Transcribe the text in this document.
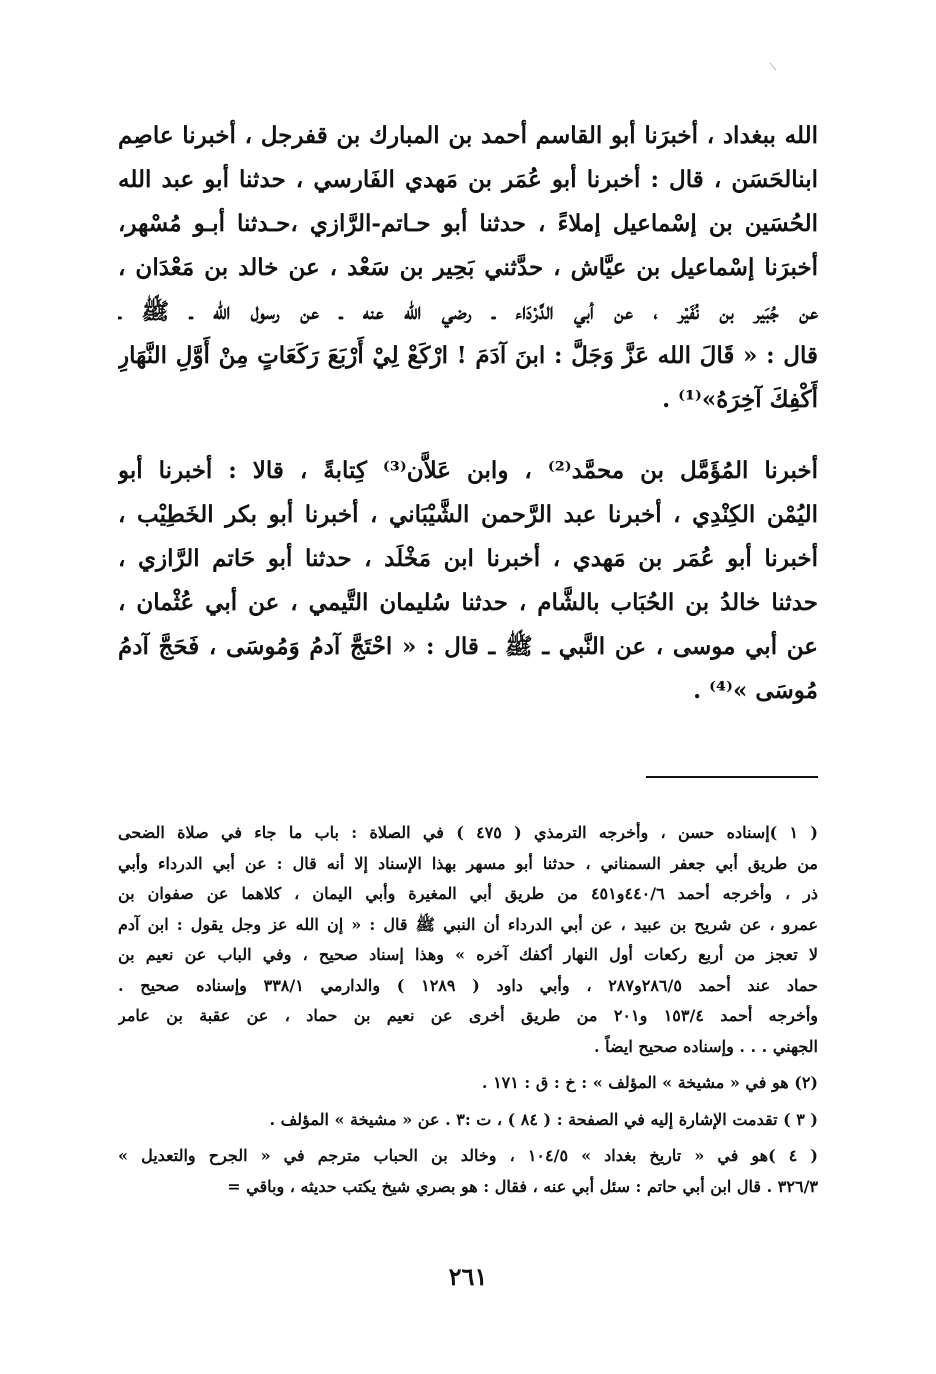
الله ببغداد ، أخبرَنا أبو القاسم أحمد بن المبارك بن قفرجل ، أخبرنا عاصِم
ابنالحَسَن ، قال : أخبرنا أبو عُمَر بن مَهدي الفَارسي ، حدثنا أبو عبد الله
الحُسَين بن إسْماعيل إملاءً ، حدثنا أبو حـاتم-الرَّازي ،حـدثنا أبـو مُسْهر،
أخبرَنا إسْماعيل بن عيَّاش ، حدَّثني بَحِير بن سَعْد ، عن خالد بن مَعْدَان ،
عن جُبَير بن نُفَيْر ، عن أبي الدَّرْدَاء ـ رضي الله عنه ـ عن رسول الله ـ ﷺ ـ
قال : « قَالَ الله عَزَّ وَجَلَّ : ابنَ آدَمَ ! ارْكَعْ لِيْ أَرْبَعَ رَكَعَاتٍ مِنْ أَوَّلِ النَّهَارِ
أَكْفِكَ آخِرَهُ»⁽¹⁾ .
أخبرنا المُؤَمَّل بن محمَّد⁽²⁾ ، وابن عَلاَّن⁽³⁾ كِتابةً ، قالا : أخبرنا أبو
اليُمْن الكِنْدِي ، أخبرنا عبد الرَّحمن الشَّيْبَاني ، أخبرنا أبو بكر الخَطِيْب ،
أخبرنا أبو عُمَر بن مَهدي ، أخبرنا ابن مَخْلَد ، حدثنا أبو حَاتم الرَّازي ،
حدثنا خالدُ بن الحُبَاب بالشَّام ، حدثنا سُليمان التَّيمي ، عن أبي عُثْمان ،
عن أبي موسى ، عن النَّبي ـ ﷺ ـ قال : « احْتَجَّ آدمُ وَمُوسَى ، فَحَجَّ آدمُ
مُوسَى »⁽⁴⁾ .
( ١ )إسناده حسن ، وأخرجه الترمذي ( ٤٧٥ ) في الصلاة : باب ما جاء في صلاة الضحى
من طريق أبي جعفر السمناني ، حدثنا أبو مسهر بهذا الإسناد إلا أنه قال : عن أبي الدرداء وأبي
ذر ، وأخرجه أحمد ٤٤٠/٦و٤٥١ من طريق أبي المغيرة وأبي اليمان ، كلاهما عن صفوان بن
عمرو ، عن شريح بن عبيد ، عن أبي الدرداء أن النبي ﷺ قال : « إن الله عز وجل يقول : ابن آدم
لا تعجز من أربع ركعات أول النهار أكفك آخره » وهذا إسناد صحيح ، وفي الباب عن نعيم بن
حماد عند أحمد ٢٨٦/٥و٢٨٧ ، وأبي داود ( ١٢٨٩ ) والدارمي ٣٣٨/١ وإسناده صحيح .
وأخرجه أحمد ١٥٣/٤ و٢٠١ من طريق أخرى عن نعيم بن حماد ، عن عقبة بن عامر
الجهني . . . وإسناده صحيح ايضاً .
(٢) هو في « مشيخة » المؤلف » : خ : ق : ١٧١ .
( ٣ ) تقدمت الإشارة إليه في الصفحة : ( ٨٤ ) ، ت :٣ . عن « مشيخة » المؤلف .
( ٤ )هو في « تاريخ بغداد » ١٠٤/٥ ، وخالد بن الحباب مترجم في « الجرح والتعديل »
٣٢٦/٣ . قال ابن أبي حاتم : سئل أبي عنه ، فقال : هو بصري شيخ يكتب حديثه ، وباقي =
٢٦١
